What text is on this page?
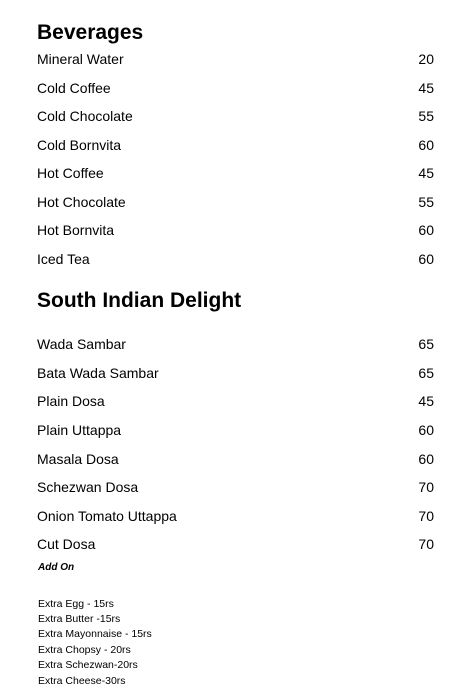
Beverages
Mineral Water	20
Cold Coffee	45
Cold Chocolate	55
Cold Bornvita	60
Hot Coffee	45
Hot Chocolate	55
Hot Bornvita	60
Iced Tea	60
South Indian Delight
Wada Sambar	65
Bata Wada Sambar	65
Plain Dosa	45
Plain Uttappa	60
Masala Dosa	60
Schezwan Dosa	70
Onion Tomato Uttappa	70
Cut Dosa	70
Add On
Extra Egg - 15rs
Extra Butter -15rs
Extra Mayonnaise - 15rs
Extra Chopsy - 20rs
Extra Schezwan-20rs
Extra Cheese-30rs
